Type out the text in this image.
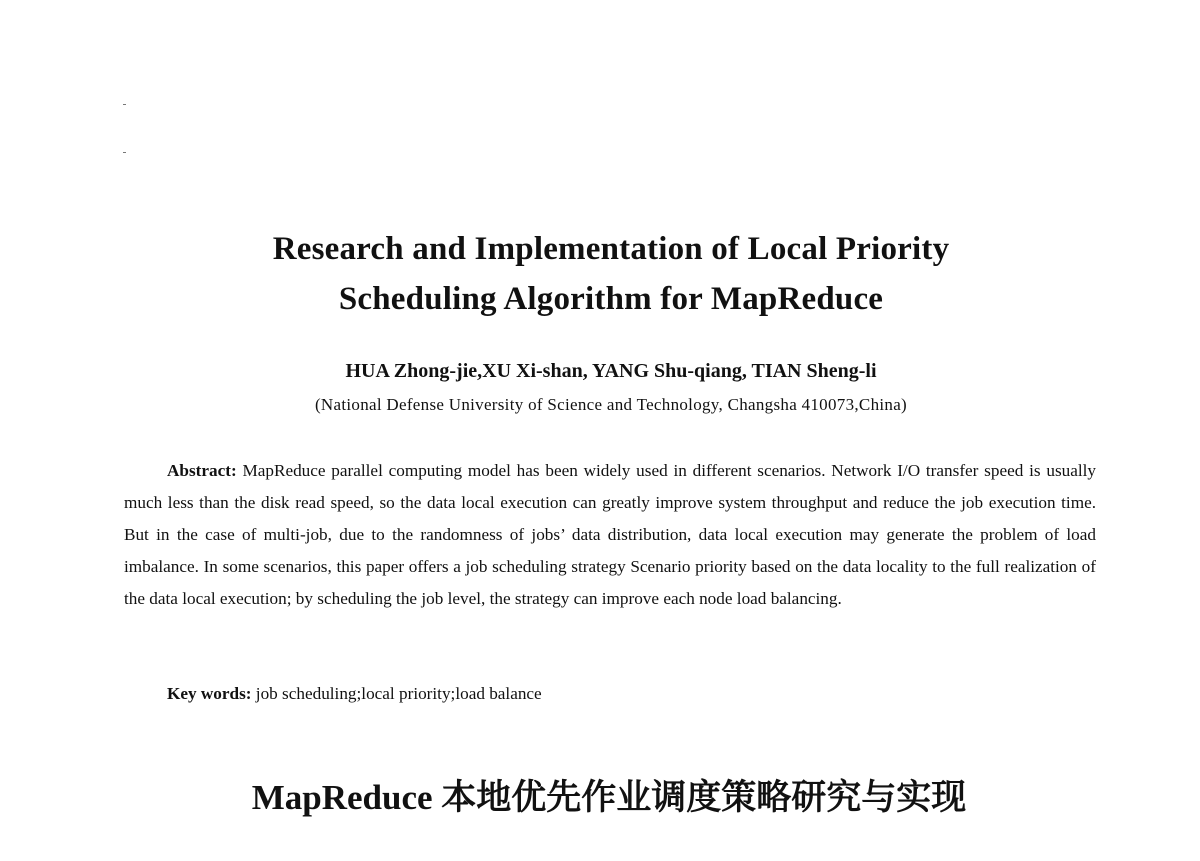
Research and Implementation of Local Priority
Scheduling Algorithm for MapReduce
HUA Zhong-jie,XU Xi-shan, YANG Shu-qiang, TIAN Sheng-li
(National Defense University of Science and Technology, Changsha 410073,China)

Abstract: MapReduce parallel computing model has been widely used in different scenarios. Network I/O transfer speed is usually much less than the disk read speed, so the data local execution can greatly improve system throughput and reduce the job execution time. But in the case of multi-job, due to the randomness of jobs’ data distribution, data local execution may generate the problem of load imbalance. In some scenarios, this paper offers a job scheduling strategy Scenario priority based on the data locality to the full realization of the data local execution; by scheduling the job level, the strategy can improve each node load balancing.

Key words: job scheduling;local priority;load balance
MapReduce 本地优先作业调度策略研究与实现
